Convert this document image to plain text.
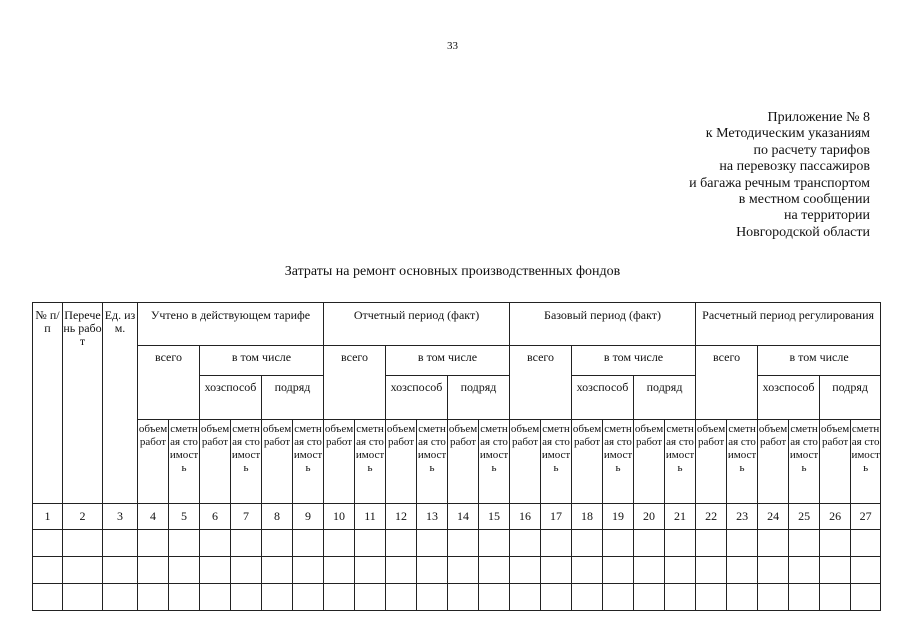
33
Приложение № 8
к Методическим указаниям
по расчету тарифов
на перевозку пассажиров
и багажа речным транспортом
в местном сообщении
на территории
Новгородской области
Затраты на ремонт основных производственных фондов
№ п/п	Перечень работ	Ед. изм.	Учтено в действующем тарифе						Отчетный период (факт)						Базовый период (факт)						Расчетный период регулирования					
			всего		в том числе				всего		в том числе				всего		в том числе				всего		в том числе			
					хозспособ		подряд				хозспособ		подряд				хозспособ		подряд				хозспособ		подряд	
			объем работ	сметная стоимость	объем работ	сметная стоимость	объем работ	сметная стоимость	объем работ	сметная стоимость	объем работ	сметная стоимость	объем работ	сметная стоимость	объем работ	сметная стоимость	объем работ	сметная стоимость	объем работ	сметная стоимость	объем работ	сметная стоимость	объем работ	сметная стоимость	объем работ	сметная стоимость
1	2	3	4	5	6	7	8	9	10	11	12	13	14	15	16	17	18	19	20	21	22	23	24	25	26	27
